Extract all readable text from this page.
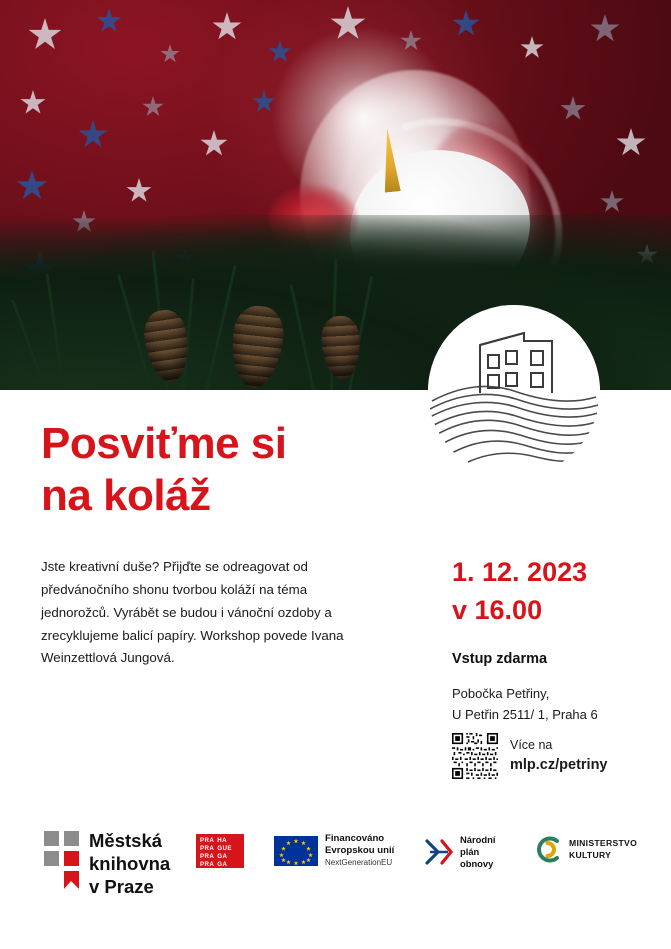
Posviťme si
na koláž
Jste kreativní duše? Přijďte se odreagovat od předvánočního shonu tvorbou koláží na téma jednorožců. Vyrábět se budou i vánoční ozdoby a zrecyklujeme balicí papíry. Workshop povede Ivana Weinzettlová Jungová.
1. 12. 2023
v 16.00
Vstup zdarma
Pobočka Petřiny,
U Petřin 2511/ 1, Praha 6
Více na
mlp.cz/petriny
Městská
knihovna
v Praze
PRA HA
PRA GUE
PRA GA
PRA GA
Financováno
Evropskou unií
NextGenerationEU
Národní
plán
obnovy
MINISTERSTVO
KULTURY
